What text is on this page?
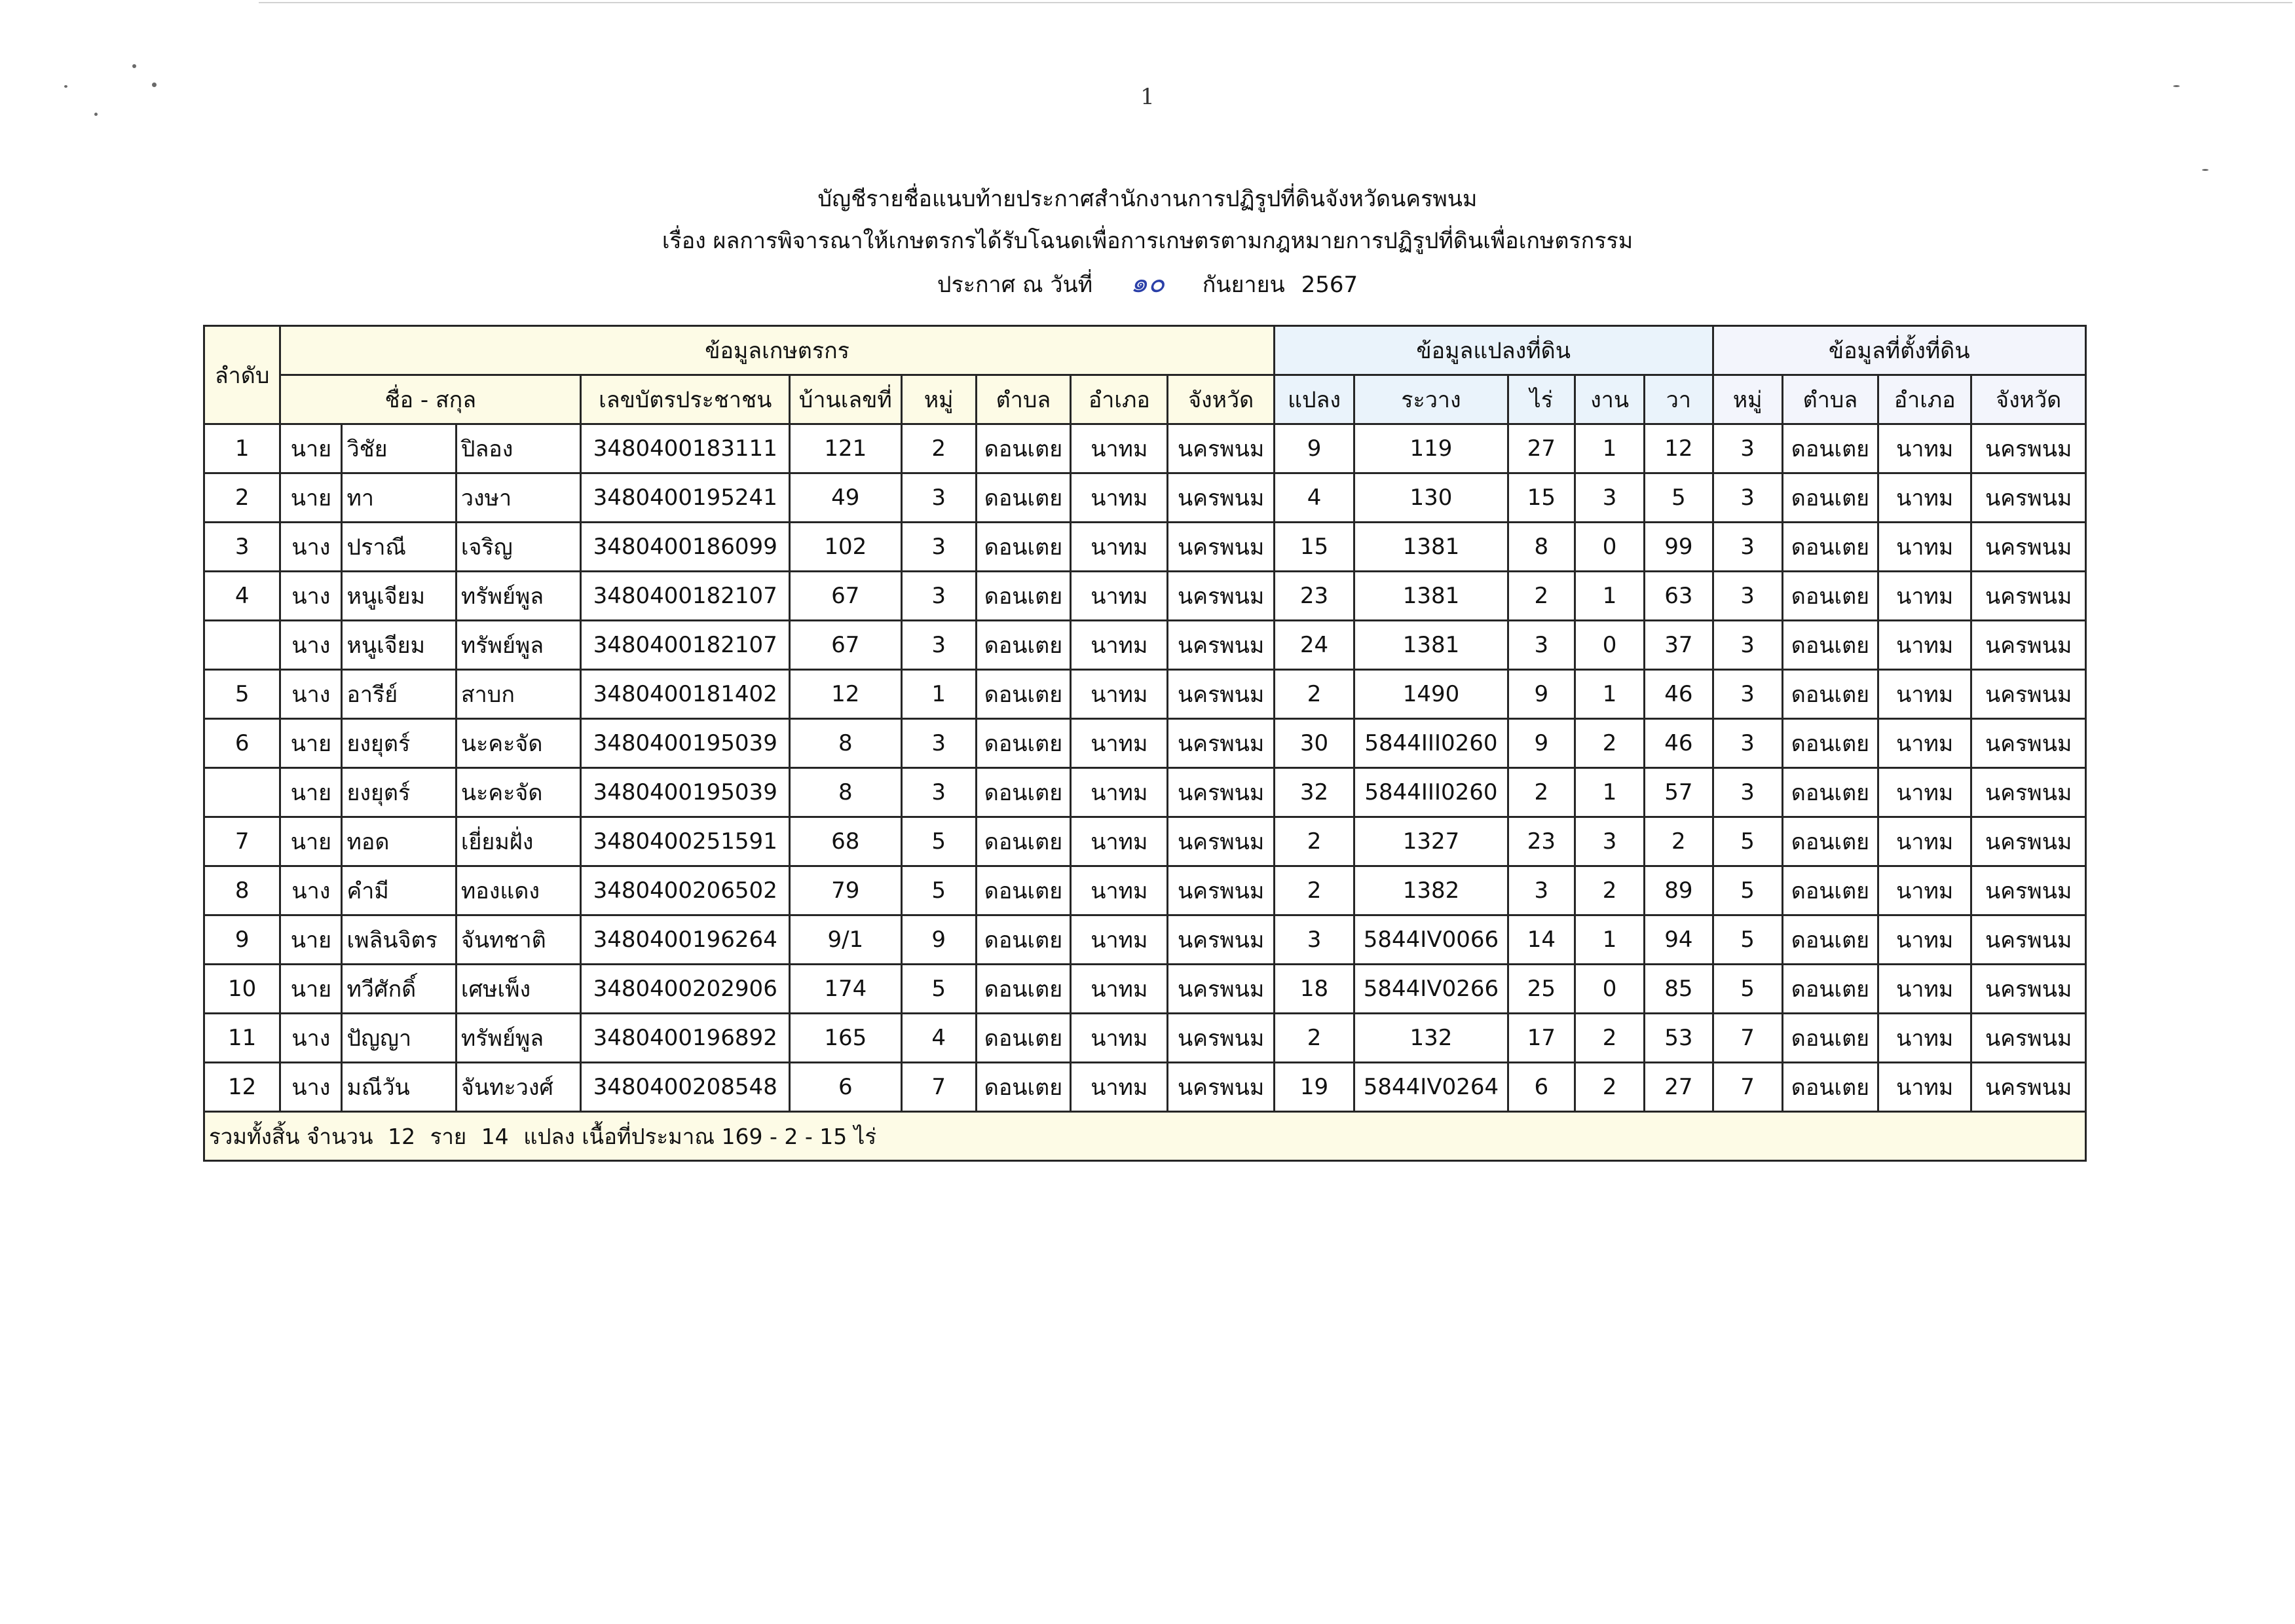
1
บัญชีรายชื่อแนบท้ายประกาศสำนักงานการปฏิรูปที่ดินจังหวัดนครพนม
เรื่อง ผลการพิจารณาให้เกษตรกรได้รับโฉนดเพื่อการเกษตรตามกฎหมายการปฏิรูปที่ดินเพื่อเกษตรกรรม
ประกาศ ณ วันที่ ๑๐ กันยายน 2567
ลำดับ	ข้อมูลเกษตรกร									ข้อมูลแปลงที่ดิน					ข้อมูลที่ตั้งที่ดิน			
	ชื่อ - สกุล			เลขบัตรประชาชน	บ้านเลขที่	หมู่	ตำบล	อำเภอ	จังหวัด	แปลง	ระวาง	ไร่	งาน	วา	หมู่	ตำบล	อำเภอ	จังหวัด
1	นาย	วิชัย	ปิลอง	3480400183111	121	2	ดอนเตย	นาทม	นครพนม	9	119	27	1	12	3	ดอนเตย	นาทม	นครพนม
2	นาย	ทา	วงษา	3480400195241	49	3	ดอนเตย	นาทม	นครพนม	4	130	15	3	5	3	ดอนเตย	นาทม	นครพนม
3	นาง	ปราณี	เจริญ	3480400186099	102	3	ดอนเตย	นาทม	นครพนม	15	1381	8	0	99	3	ดอนเตย	นาทม	นครพนม
4	นาง	หนูเจียม	ทรัพย์พูล	3480400182107	67	3	ดอนเตย	นาทม	นครพนม	23	1381	2	1	63	3	ดอนเตย	นาทม	นครพนม
	นาง	หนูเจียม	ทรัพย์พูล	3480400182107	67	3	ดอนเตย	นาทม	นครพนม	24	1381	3	0	37	3	ดอนเตย	นาทม	นครพนม
5	นาง	อารีย์	สาบก	3480400181402	12	1	ดอนเตย	นาทม	นครพนม	2	1490	9	1	46	3	ดอนเตย	นาทม	นครพนม
6	นาย	ยงยุตร์	นะคะจัด	3480400195039	8	3	ดอนเตย	นาทม	นครพนม	30	5844III0260	9	2	46	3	ดอนเตย	นาทม	นครพนม
	นาย	ยงยุตร์	นะคะจัด	3480400195039	8	3	ดอนเตย	นาทม	นครพนม	32	5844III0260	2	1	57	3	ดอนเตย	นาทม	นครพนม
7	นาย	ทอด	เยี่ยมฝั่ง	3480400251591	68	5	ดอนเตย	นาทม	นครพนม	2	1327	23	3	2	5	ดอนเตย	นาทม	นครพนม
8	นาง	คำมี	ทองแดง	3480400206502	79	5	ดอนเตย	นาทม	นครพนม	2	1382	3	2	89	5	ดอนเตย	นาทม	นครพนม
9	นาย	เพลินจิตร	จันทชาติ	3480400196264	9/1	9	ดอนเตย	นาทม	นครพนม	3	5844IV0066	14	1	94	5	ดอนเตย	นาทม	นครพนม
10	นาย	ทวีศักดิ์	เศษเพ็ง	3480400202906	174	5	ดอนเตย	นาทม	นครพนม	18	5844IV0266	25	0	85	5	ดอนเตย	นาทม	นครพนม
11	นาง	ปัญญา	ทรัพย์พูล	3480400196892	165	4	ดอนเตย	นาทม	นครพนม	2	132	17	2	53	7	ดอนเตย	นาทม	นครพนม
12	นาง	มณีวัน	จันทะวงศ์	3480400208548	6	7	ดอนเตย	นาทม	นครพนม	19	5844IV0264	6	2	27	7	ดอนเตย	นาทม	นครพนม
รวมทั้งสิ้น จำนวน 12 ราย 14 แปลง เนื้อที่ประมาณ 169 - 2 - 15 ไร่																		
